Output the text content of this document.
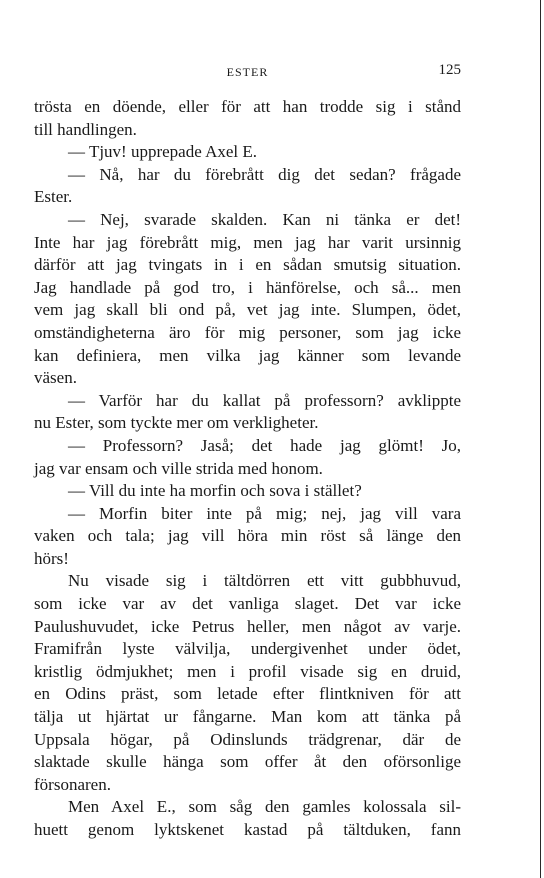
ESTER	125
trösta en döende, eller för att han trodde sig i stånd
till handlingen.
— Tjuv! upprepade Axel E.
— Nå, har du förebrått dig det sedan? frågade
Ester.
— Nej, svarade skalden. Kan ni tänka er det!
Inte har jag förebrått mig, men jag har varit ursinnig
därför att jag tvingats in i en sådan smutsig situation.
Jag handlade på god tro, i hänförelse, och så... men
vem jag skall bli ond på, vet jag inte. Slumpen, ödet,
omständigheterna äro för mig personer, som jag icke
kan definiera, men vilka jag känner som levande
väsen.
— Varför har du kallat på professorn? avklippte
nu Ester, som tyckte mer om verkligheter.
— Professorn? Jaså; det hade jag glömt! Jo,
jag var ensam och ville strida med honom.
— Vill du inte ha morfin och sova i stället?
— Morfin biter inte på mig; nej, jag vill vara
vaken och tala; jag vill höra min röst så länge den
hörs!
Nu visade sig i tältdörren ett vitt gubbhuvud,
som icke var av det vanliga slaget. Det var icke
Paulushuvudet, icke Petrus heller, men något av varje.
Framifrån lyste välvilja, undergivenhet under ödet,
kristlig ödmjukhet; men i profil visade sig en druid,
en Odins präst, som letade efter flintkniven för att
tälja ut hjärtat ur fångarne. Man kom att tänka på
Uppsala högar, på Odinslunds trädgrenar, där de
slaktade skulle hänga som offer åt den oförsonlige
försonaren.
Men Axel E., som såg den gamles kolossala sil-
huett genom lyktskenet kastad på tältduken, fann
